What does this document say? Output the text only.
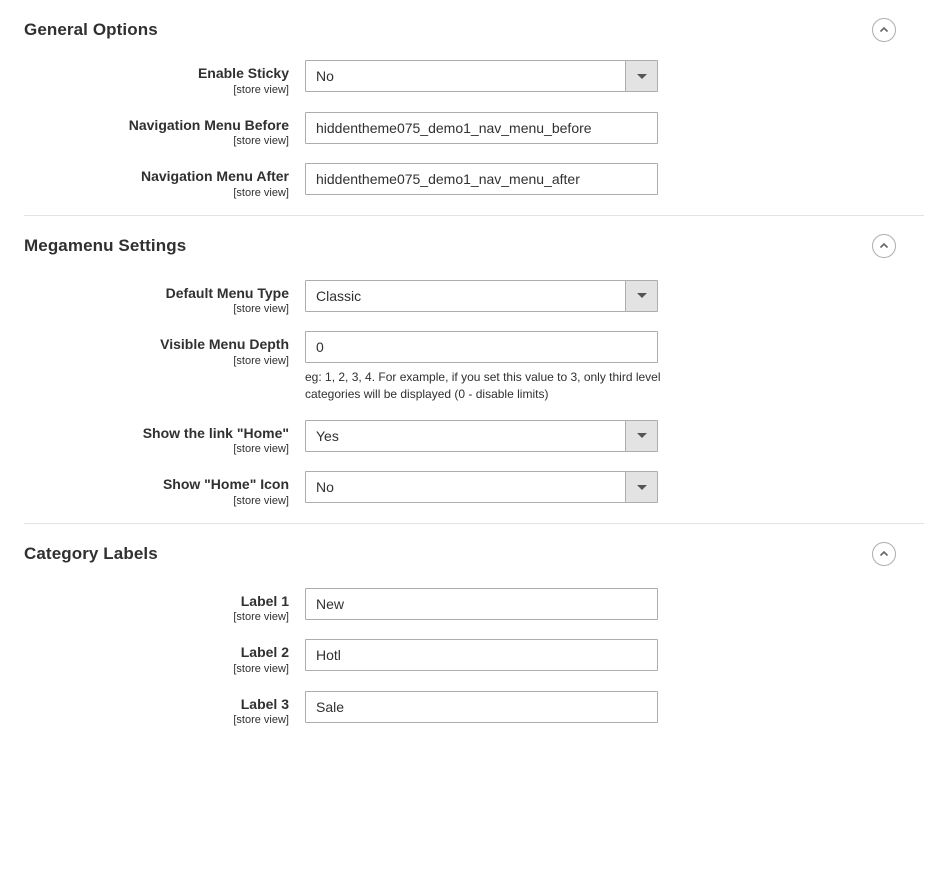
General Options
Enable Sticky
[store view]
No
Navigation Menu Before
[store view]
hiddentheme075_demo1_nav_menu_before
Navigation Menu After
[store view]
hiddentheme075_demo1_nav_menu_after
Megamenu Settings
Default Menu Type
[store view]
Classic
Visible Menu Depth
[store view]
0
eg: 1, 2, 3, 4. For example, if you set this value to 3, only third level categories will be displayed (0 - disable limits)
Show the link "Home"
[store view]
Yes
Show "Home" Icon
[store view]
No
Category Labels
Label 1
[store view]
New
Label 2
[store view]
Hotl
Label 3
[store view]
Sale
